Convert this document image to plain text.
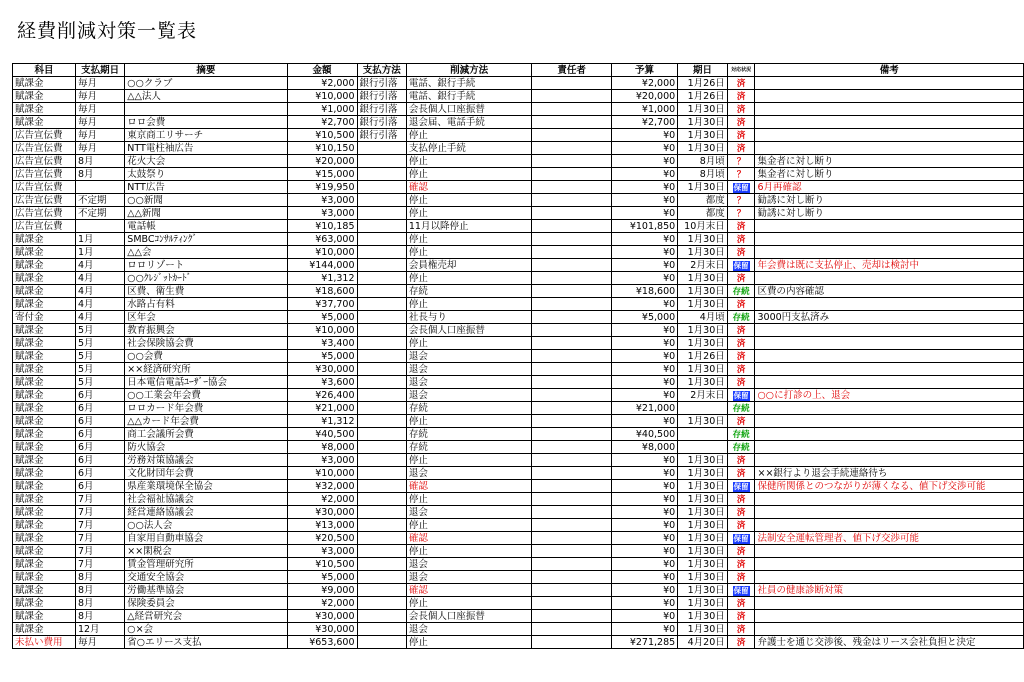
経費削減対策一覧表
科目	支払期日	摘要	金額	支払方法	削減方法	責任者	予算	期日	対応状況	備考
賦課金	毎月	○○クラブ	¥2,000	銀行引落	電話、銀行手続		¥2,000	1月26日	済	
賦課金	毎月	△△法人	¥10,000	銀行引落	電話、銀行手続		¥20,000	1月26日	済	
賦課金	毎月		¥1,000	銀行引落	会長個人口座振替		¥1,000	1月30日	済	
賦課金	毎月	ロロ会費	¥2,700	銀行引落	退会届、電話手続		¥2,700	1月30日	済	
広告宣伝費	毎月	東京商工リサーチ	¥10,500	銀行引落	停止		¥0	1月30日	済	
広告宣伝費	毎月	NTT電柱袖広告	¥10,150		支払停止手続		¥0	1月30日	済	
広告宣伝費	8月	花火大会	¥20,000		停止		¥0	8月頃	？	集金者に対し断り
広告宣伝費	8月	太鼓祭り	¥15,000		停止		¥0	8月頃	？	集金者に対し断り
広告宣伝費		NTT広告	¥19,950		確認		¥0	1月30日	保留	6月再確認
広告宣伝費	不定期	○○新聞	¥3,000		停止		¥0	都度	？	勧誘に対し断り
広告宣伝費	不定期	△△新聞	¥3,000		停止		¥0	都度	？	勧誘に対し断り
広告宣伝費		電話帳	¥10,185		11月以降停止		¥101,850	10月末日	済	
賦課金	1月	SMBCｺﾝｻﾙﾃｨﾝｸﾞ	¥63,000		停止		¥0	1月30日	済	
賦課金	1月	△△会	¥10,000		停止		¥0	1月30日	済	
賦課金	4月	ロロリゾート	¥144,000		会員権売却		¥0	2月末日	保留	年会費は既に支払停止、売却は検討中
賦課金	4月	○○ｸﾚｼﾞｯﾄｶｰﾄﾞ	¥1,312		停止		¥0	1月30日	済	
賦課金	4月	区費、衛生費	¥18,600		存続		¥18,600	1月30日	存続	区費の内容確認
賦課金	4月	水路占有料	¥37,700		停止		¥0	1月30日	済	
寄付金	4月	区年会	¥5,000		社長与り		¥5,000	4月頃	存続	3000円支払済み
賦課金	5月	教育振興会	¥10,000		会長個人口座振替		¥0	1月30日	済	
賦課金	5月	社会保険協会費	¥3,400		停止		¥0	1月30日	済	
賦課金	5月	○○会費	¥5,000		退会		¥0	1月26日	済	
賦課金	5月	××経済研究所	¥30,000		退会		¥0	1月30日	済	
賦課金	5月	日本電信電話ﾕｰｻﾞｰ協会	¥3,600		退会		¥0	1月30日	済	
賦課金	6月	○○工業会年会費	¥26,400		退会		¥0	2月末日	保留	○○に打診の上、退会
賦課金	6月	ロロカード年会費	¥21,000		存続		¥21,000		存続	
賦課金	6月	△△カード年会費	¥1,312		停止		¥0	1月30日	済	
賦課金	6月	商工会議所会費	¥40,500		存続		¥40,500		存続	
賦課金	6月	防火協会	¥8,000		存続		¥8,000		存続	
賦課金	6月	労務対策協議会	¥3,000		停止		¥0	1月30日	済	
賦課金	6月	文化財団年会費	¥10,000		退会		¥0	1月30日	済	××銀行より退会手続連絡待ち
賦課金	6月	県産業環境保全協会	¥32,000		確認		¥0	1月30日	保留	保健所関係とのつながりが薄くなる、値下げ交渉可能
賦課金	7月	社会福祉協議会	¥2,000		停止		¥0	1月30日	済	
賦課金	7月	経営連絡協議会	¥30,000		退会		¥0	1月30日	済	
賦課金	7月	○○法人会	¥13,000		停止		¥0	1月30日	済	
賦課金	7月	自家用自動車協会	¥20,500		確認		¥0	1月30日	保留	法制安全運転管理者、値下げ交渉可能
賦課金	7月	××閑税会	¥3,000		停止		¥0	1月30日	済	
賦課金	7月	賃金管理研究所	¥10,500		退会		¥0	1月30日	済	
賦課金	8月	交通安全協会	¥5,000		退会		¥0	1月30日	済	
賦課金	8月	労働基準協会	¥9,000		確認		¥0	1月30日	保留	社員の健康診断対策
賦課金	8月	保険委員会	¥2,000		停止		¥0	1月30日	済	
賦課金	8月	△経営研究会	¥30,000		会長個人口座振替		¥0	1月30日	済	
賦課金	12月	○×会	¥30,000		退会		¥0	1月30日	済	
未払い費用	毎月	省○エリース支払	¥653,600		停止		¥271,285	4月20日	済	弁護士を通じ交渉後、残金はリース会社負担と決定
